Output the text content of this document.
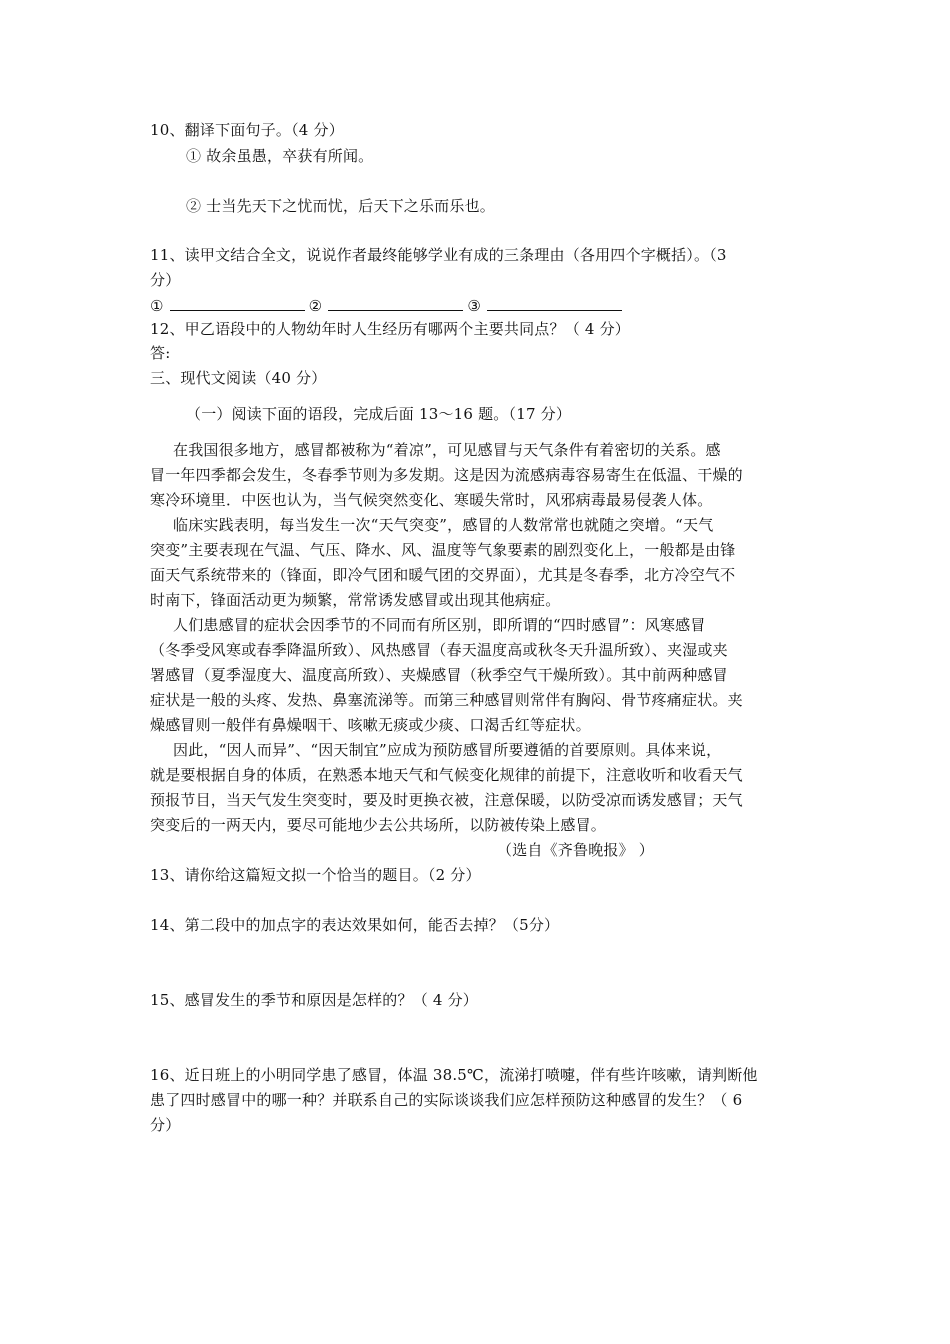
10、翻译下面句子。（4 分）
① 故余虽愚，卒获有所闻。
② 士当先天下之忧而忧，后天下之乐而乐也。
11、读甲文结合全文，说说作者最终能够学业有成的三条理由（各用四个字概括）。（3
分）
①	②	③
12、甲乙语段中的人物幼年时人生经历有哪两个主要共同点？（ 4 分）
答:
三、现代文阅读（40 分）
（一）阅读下面的语段，完成后面 13～16 题。（17 分）
在我国很多地方，感冒都被称为“着凉”，可见感冒与天气条件有着密切的关系。感
冒一年四季都会发生，冬春季节则为多发期。这是因为流感病毒容易寄生在低温、干燥的
寒冷环境里．中医也认为，当气候突然变化、寒暖失常时，风邪病毒最易侵袭人体。
临床实践表明，每当发生一次“天气突变”，感冒的人数常常也就随之突增。“天气
突变”主要表现在气温、气压、降水、风、温度等气象要素的剧烈变化上，一般都是由锋
面天气系统带来的（锋面，即冷气团和暖气团的交界面），尤其是冬春季，北方冷空气不
时南下，锋面活动更为频繁，常常诱发感冒或出现其他病症。
人们患感冒的症状会因季节的不同而有所区别，即所谓的“四时感冒”：风寒感冒
（冬季受风寒或春季降温所致）、风热感冒（春天温度高或秋冬天升温所致）、夹湿或夹
署感冒（夏季湿度大、温度高所致）、夹燥感冒（秋季空气干燥所致）。其中前两种感冒
症状是一般的头疼、发热、鼻塞流涕等。而第三种感冒则常伴有胸闷、骨节疼痛症状。夹
燥感冒则一般伴有鼻燥咽干、咳嗽无痰或少痰、口渴舌红等症状。
因此，“因人而异”、“因天制宜”应成为预防感冒所要遵循的首要原则。具体来说，
就是要根据自身的体质，在熟悉本地天气和气候变化规律的前提下，注意收听和收看天气
预报节目，当天气发生突变时，要及时更换衣被，注意保暖，以防受凉而诱发感冒；天气
突变后的一两天内，要尽可能地少去公共场所，以防被传染上感冒。
（选自《齐鲁晚报》 ）
13、请你给这篇短文拟一个恰当的题目。（2 分）
14、第二段中的加点字的表达效果如何，能否去掉？（5分）
15、感冒发生的季节和原因是怎样的？（ 4 分）
16、近日班上的小明同学患了感冒，体温 38.5℃，流涕打喷嚏，伴有些许咳嗽，请判断他
患了四时感冒中的哪一种？并联系自己的实际谈谈我们应怎样预防这种感冒的发生？（ 6
分）
